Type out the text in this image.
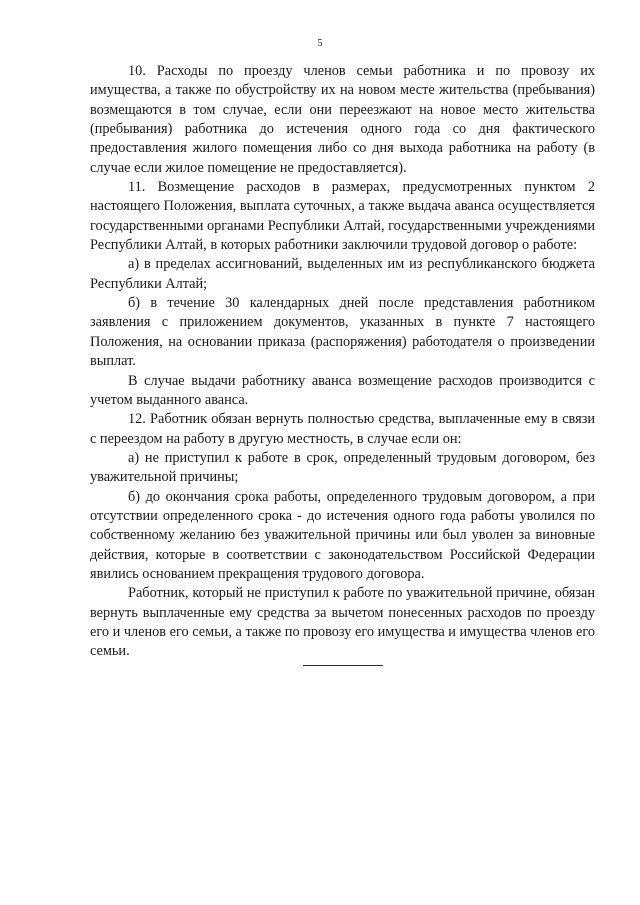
5

10. Расходы по проезду членов семьи работника и по провозу их имущества, а также по обустройству их на новом месте жительства (пребывания) возмещаются в том случае, если они переезжают на новое место жительства (пребывания) работника до истечения одного года со дня фактического предоставления жилого помещения либо со дня выхода работника на работу (в случае если жилое помещение не предоставляется).

11. Возмещение расходов в размерах, предусмотренных пунктом 2 настоящего Положения, выплата суточных, а также выдача аванса осуществляется государственными органами Республики Алтай, государственными учреждениями Республики Алтай, в которых работники заключили трудовой договор о работе:

а) в пределах ассигнований, выделенных им из республиканского бюджета Республики Алтай;

б) в течение 30 календарных дней после представления работником заявления с приложением документов, указанных в пункте 7 настоящего Положения, на основании приказа (распоряжения) работодателя о произведении выплат.

В случае выдачи работнику аванса возмещение расходов производится с учетом выданного аванса.

12. Работник обязан вернуть полностью средства, выплаченные ему в связи с переездом на работу в другую местность, в случае если он:

а) не приступил к работе в срок, определенный трудовым договором, без уважительной причины;

б) до окончания срока работы, определенного трудовым договором, а при отсутствии определенного срока - до истечения одного года работы уволился по собственному желанию без уважительной причины или был уволен за виновные действия, которые в соответствии с законодательством Российской Федерации явились основанием прекращения трудового договора.

Работник, который не приступил к работе по уважительной причине, обязан вернуть выплаченные ему средства за вычетом понесенных расходов по проезду его и членов его семьи, а также по провозу его имущества и имущества членов его семьи.
